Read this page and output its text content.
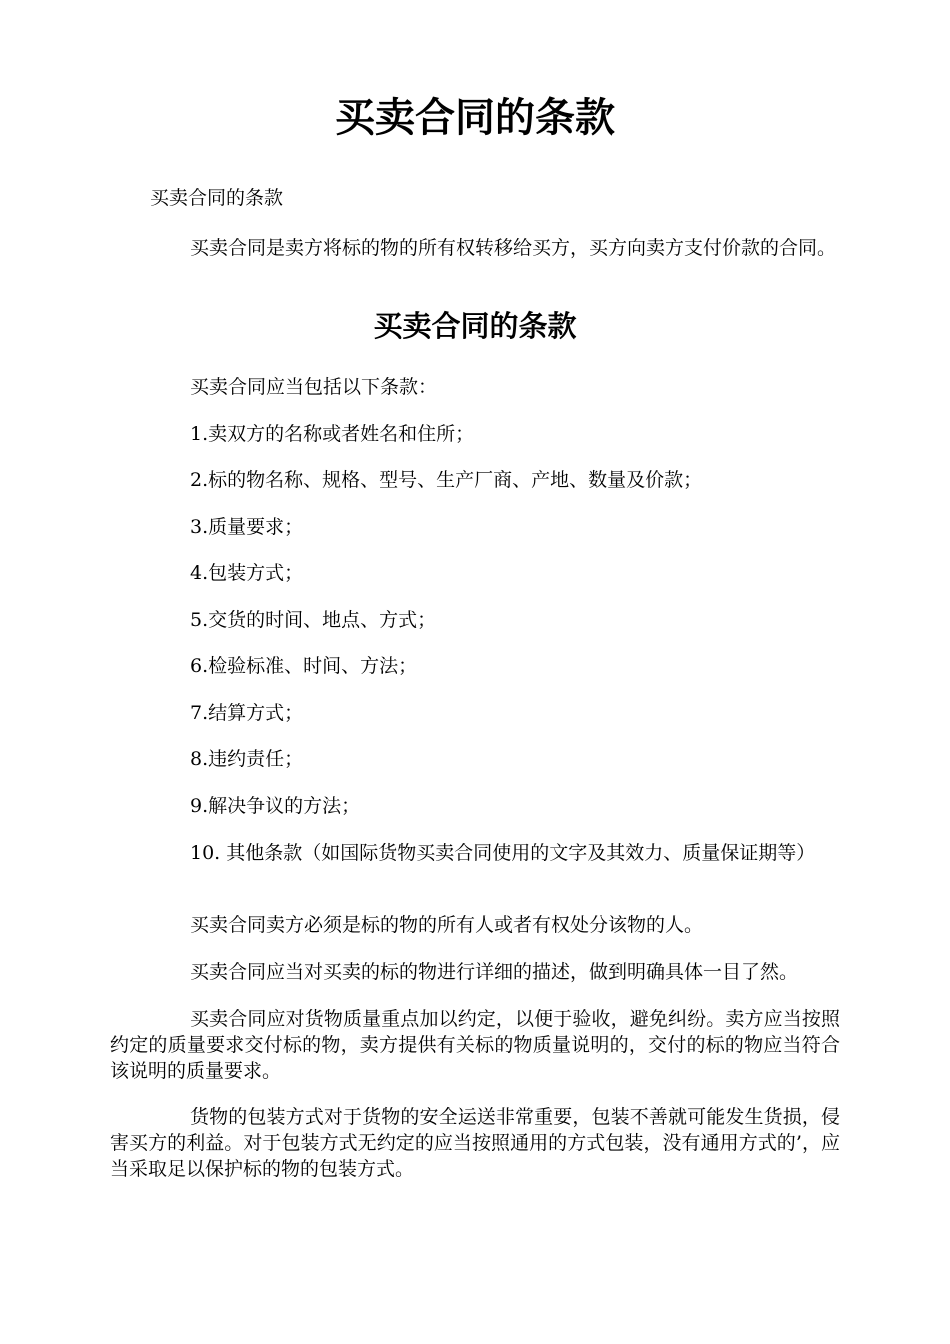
买卖合同的条款

买卖合同的条款

买卖合同是卖方将标的物的所有权转移给买方，买方向卖方支付价款的合同。

买卖合同的条款

买卖合同应当包括以下条款：

1.卖双方的名称或者姓名和住所；

2.标的物名称、规格、型号、生产厂商、产地、数量及价款；

3.质量要求；

4.包装方式；

5.交货的时间、地点、方式；

6.检验标准、时间、方法；

7.结算方式；

8.违约责任；

9.解决争议的方法；

10. 其他条款（如国际货物买卖合同使用的文字及其效力、质量保证期等）

买卖合同卖方必须是标的物的所有人或者有权处分该物的人。

买卖合同应当对买卖的标的物进行详细的描述，做到明确具体一目了然。

买卖合同应对货物质量重点加以约定，以便于验收，避免纠纷。卖方应当按照约定的质量要求交付标的物，卖方提供有关标的物质量说明的，交付的标的物应当符合该说明的质量要求。

货物的包装方式对于货物的安全运送非常重要，包装不善就可能发生货损，侵害买方的利益。对于包装方式无约定的应当按照通用的方式包装，没有通用方式的’，应当采取足以保护标的物的包装方式。
